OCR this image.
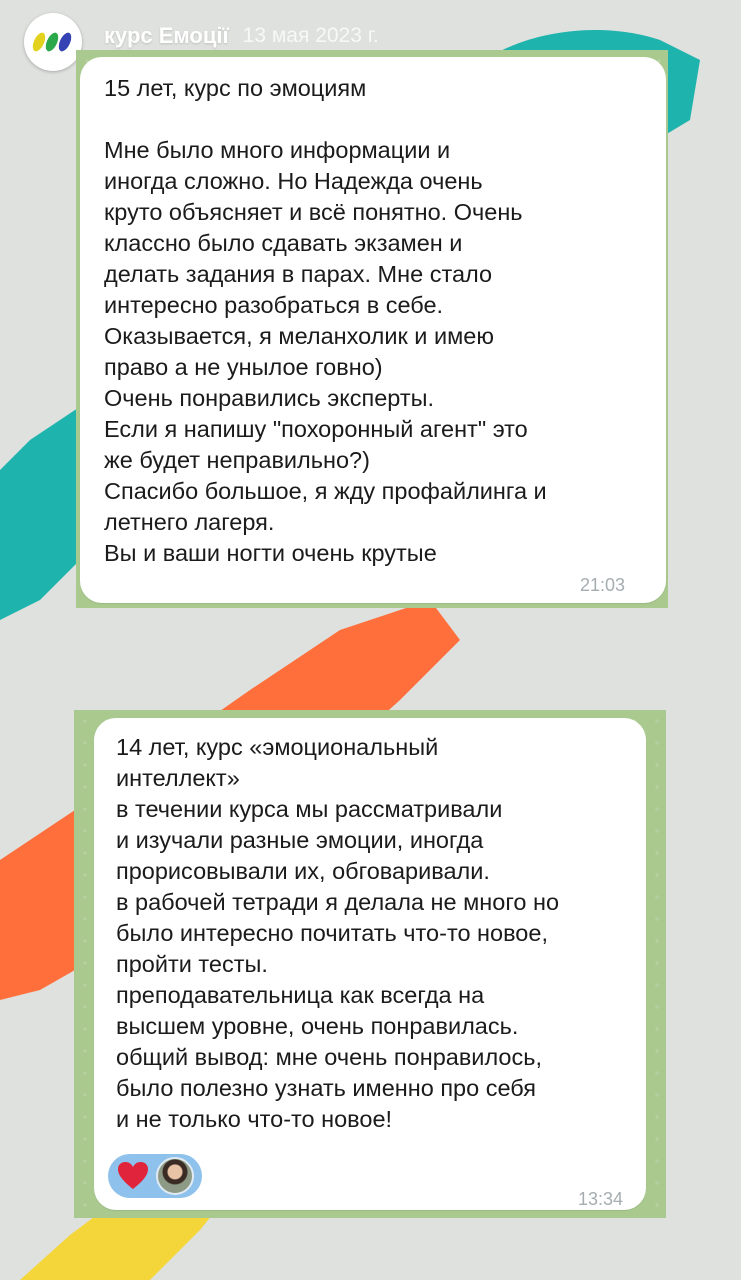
курс Емоції 13 мая 2023 г.
15 лет, курс по эмоциям

Мне было много информации и
иногда сложно. Но Надежда очень
круто объясняет и всё понятно. Очень
классно было сдавать экзамен и
делать задания в парах. Мне стало
интересно разобраться в себе.
Оказывается, я меланхолик и имею
право а не унылое говно)
Очень понравились эксперты.
Если я напишу "похоронный агент" это
же будет неправильно?)
Спасибо большое, я жду профайлинга и
летнего лагеря.
Вы и ваши ногти очень крутые
21:03
14 лет, курс «эмоциональный
интеллект»
в течении курса мы рассматривали
и изучали разные эмоции, иногда
прорисовывали их, обговаривали.
в рабочей тетради я делала не много но
было интересно почитать что-то новое,
пройти тесты.
преподавательница как всегда на
высшем уровне, очень понравилась.
общий вывод: мне очень понравилось,
было полезно узнать именно про себя
и не только что-то новое!
13:34
